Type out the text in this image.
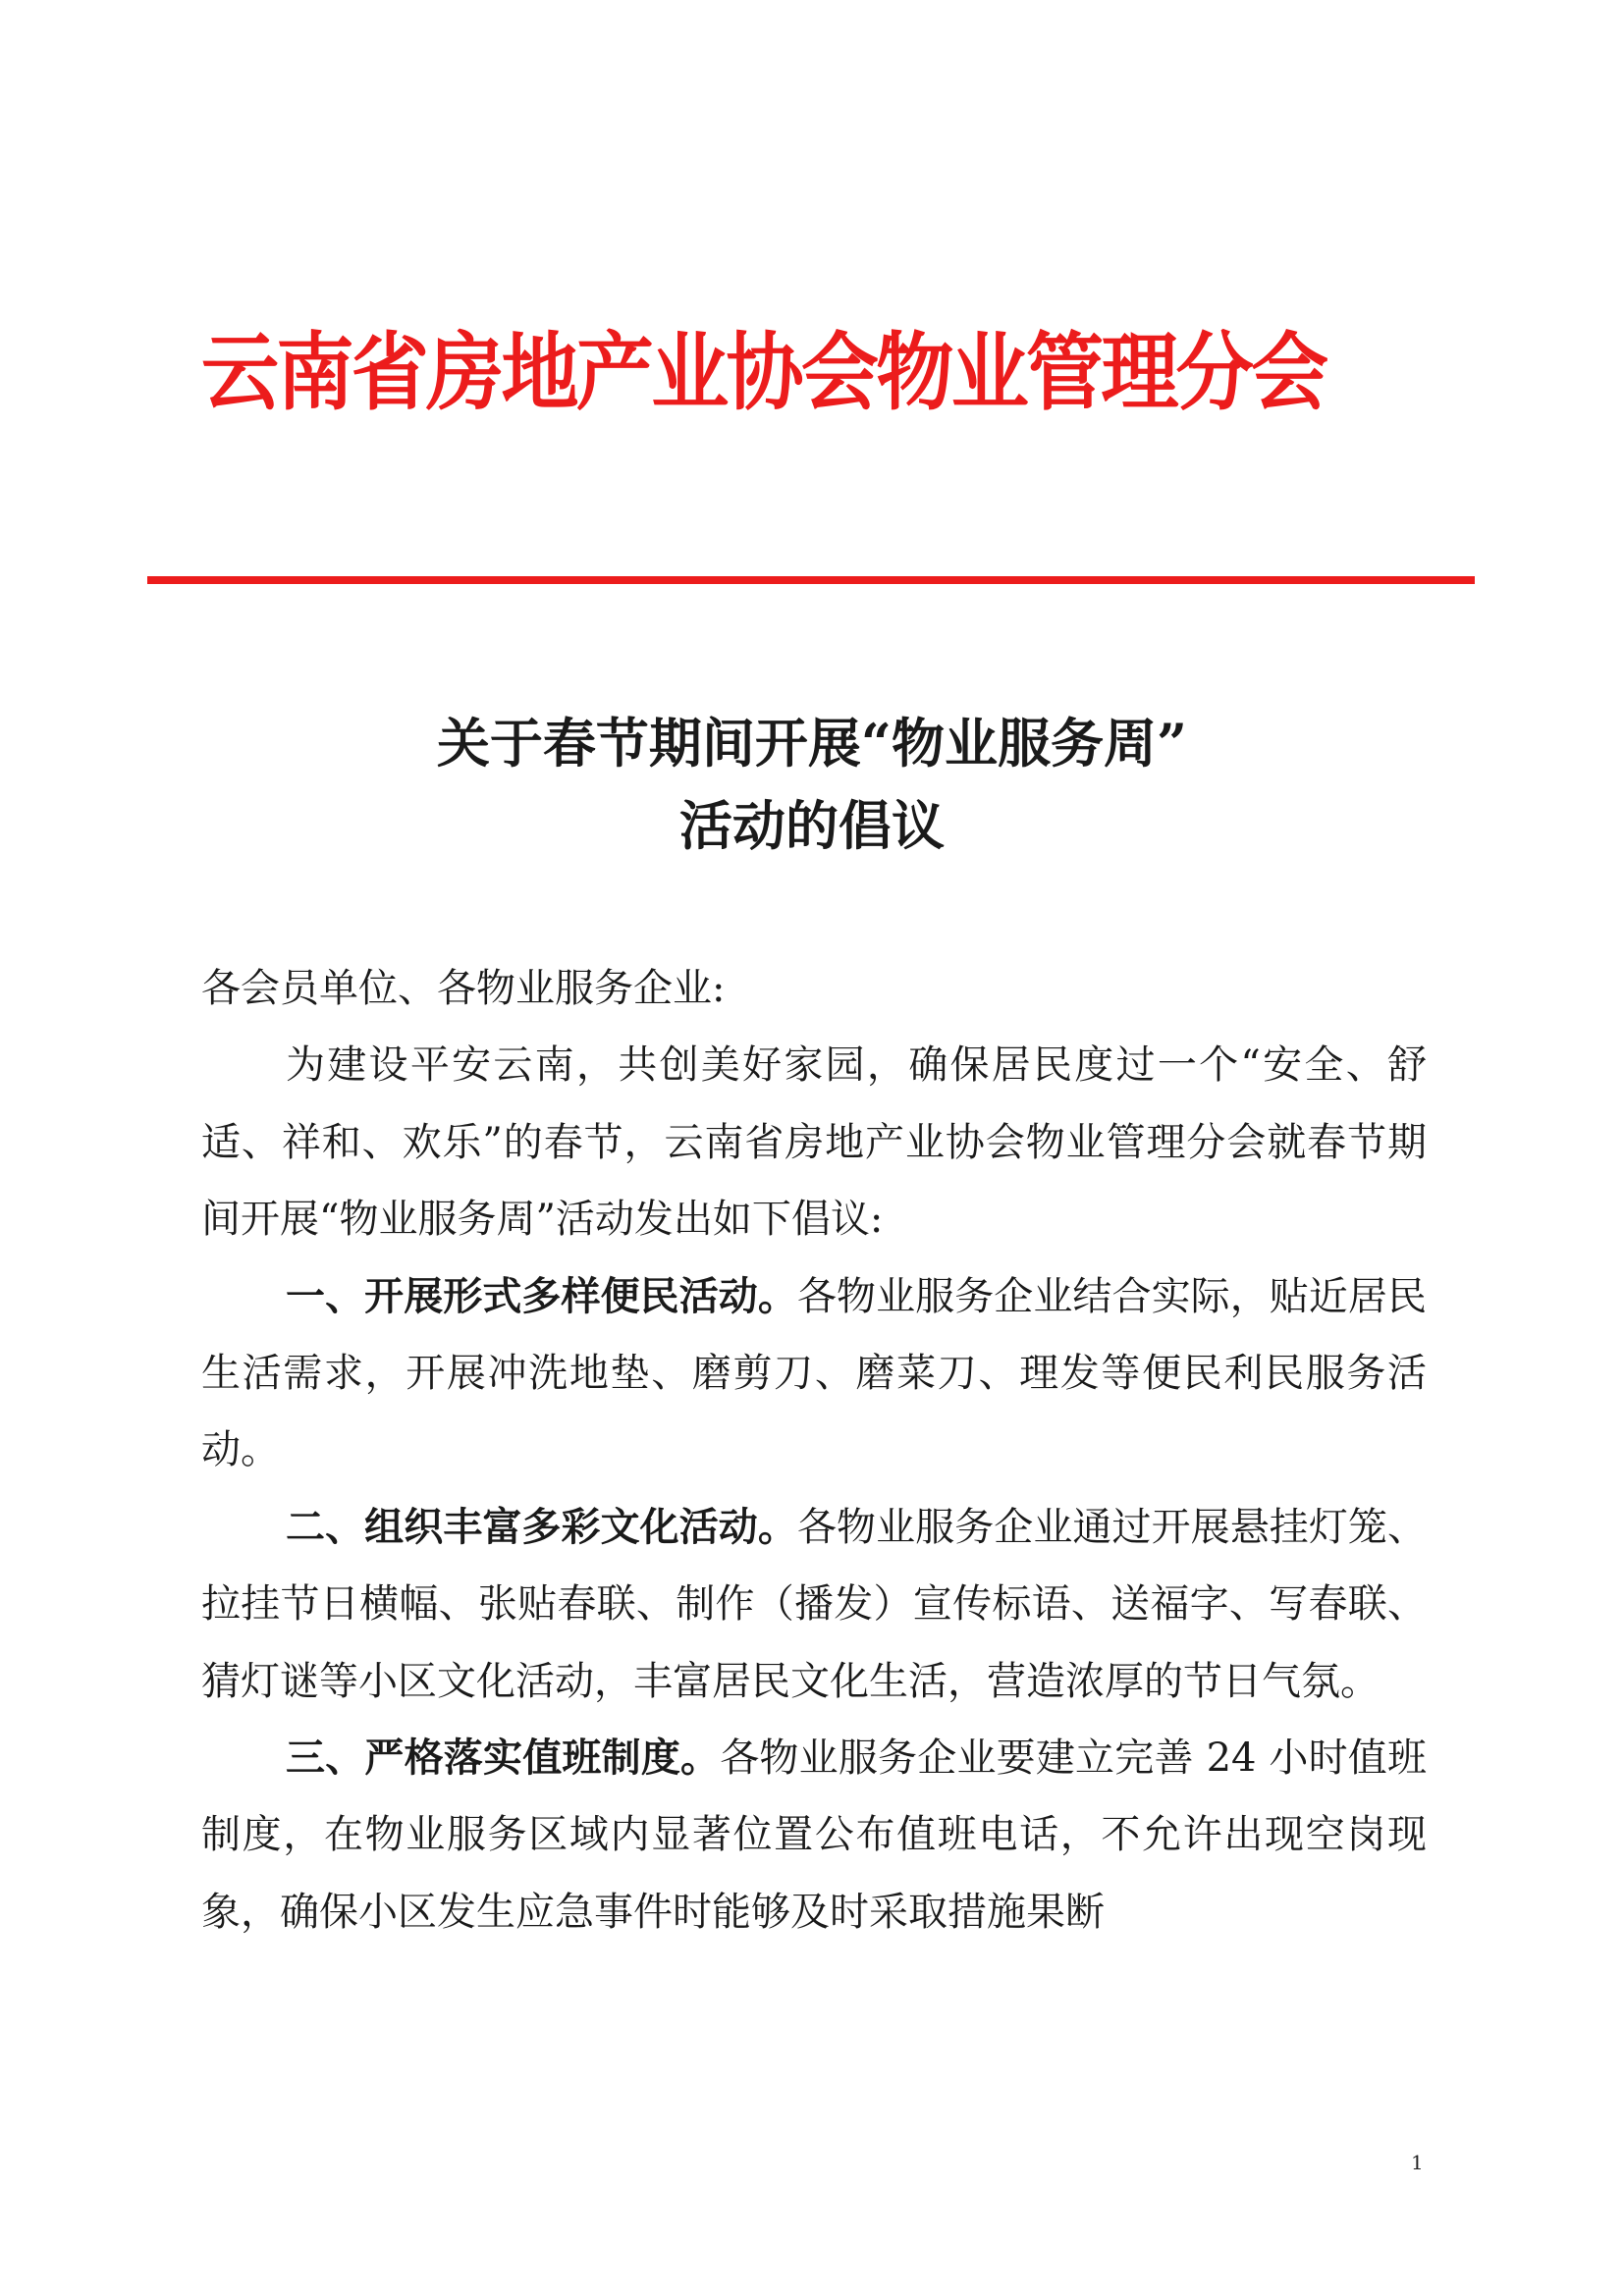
云南省房地产业协会物业管理分会
关于春节期间开展“物业服务周”
活动的倡议

各会员单位、各物业服务企业:

为建设平安云南，共创美好家园，确保居民度过一个“安全、舒适、祥和、欢乐”的春节，云南省房地产业协会物业管理分会就春节期间开展“物业服务周”活动发出如下倡议:

一、开展形式多样便民活动。各物业服务企业结合实际，贴近居民生活需求，开展冲洗地垫、磨剪刀、磨菜刀、理发等便民利民服务活动。

二、组织丰富多彩文化活动。各物业服务企业通过开展悬挂灯笼、拉挂节日横幅、张贴春联、制作（播发）宣传标语、送福字、写春联、猜灯谜等小区文化活动，丰富居民文化生活，营造浓厚的节日气氛。

三、严格落实值班制度。各物业服务企业要建立完善 24 小时值班制度，在物业服务区域内显著位置公布值班电话，不允许出现空岗现象，确保小区发生应急事件时能够及时采取措施果断

1
